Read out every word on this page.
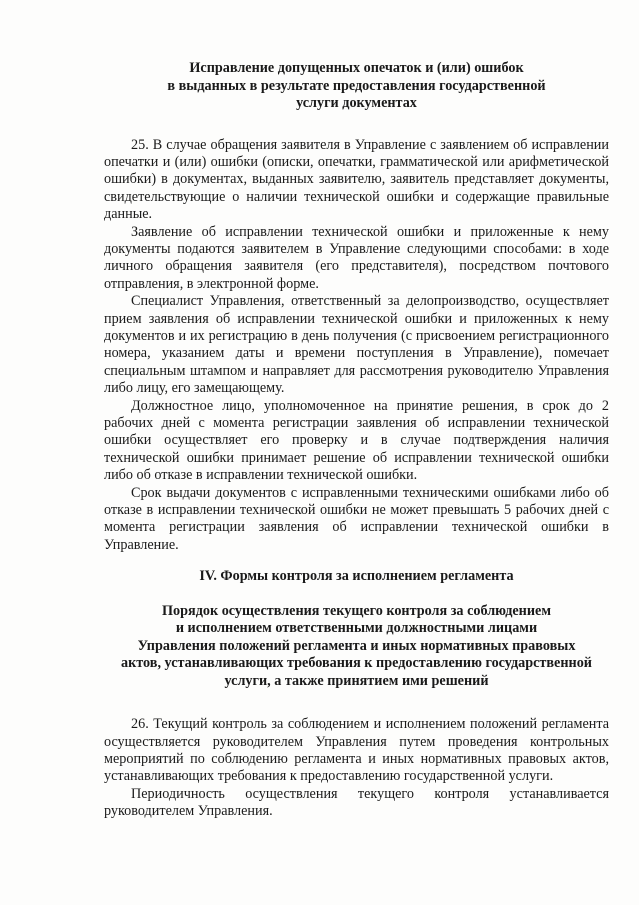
Исправление допущенных опечаток и (или) ошибок
в выданных в результате предоставления государственной
услуги документах

25. В случае обращения заявителя в Управление с заявлением об исправлении опечатки и (или) ошибки (описки, опечатки, грамматической или арифметической ошибки) в документах, выданных заявителю, заявитель представляет документы, свидетельствующие о наличии технической ошибки и содержащие правильные данные.

Заявление об исправлении технической ошибки и приложенные к нему документы подаются заявителем в Управление следующими способами: в ходе личного обращения заявителя (его представителя), посредством почтового отправления, в электронной форме.

Специалист Управления, ответственный за делопроизводство, осуществляет прием заявления об исправлении технической ошибки и приложенных к нему документов и их регистрацию в день получения (с присвоением регистрационного номера, указанием даты и времени поступления в Управление), помечает специальным штампом и направляет для рассмотрения руководителю Управления либо лицу, его замещающему.

Должностное лицо, уполномоченное на принятие решения, в срок до 2 рабочих дней с момента регистрации заявления об исправлении технической ошибки осуществляет его проверку и в случае подтверждения наличия технической ошибки принимает решение об исправлении технической ошибки либо об отказе в исправлении технической ошибки.

Срок выдачи документов с исправленными техническими ошибками либо об отказе в исправлении технической ошибки не может превышать 5 рабочих дней с момента регистрации заявления об исправлении технической ошибки в Управление.

IV. Формы контроля за исполнением регламента
Порядок осуществления текущего контроля за соблюдением
и исполнением ответственными должностными лицами
Управления положений регламента и иных нормативных правовых
актов, устанавливающих требования к предоставлению государственной
услуги, а также принятием ими решений

26. Текущий контроль за соблюдением и исполнением положений регламента осуществляется руководителем Управления путем проведения контрольных мероприятий по соблюдению регламента и иных нормативных правовых актов, устанавливающих требования к предоставлению государственной услуги.

Периодичность осуществления текущего контроля устанавливается руководителем Управления.
